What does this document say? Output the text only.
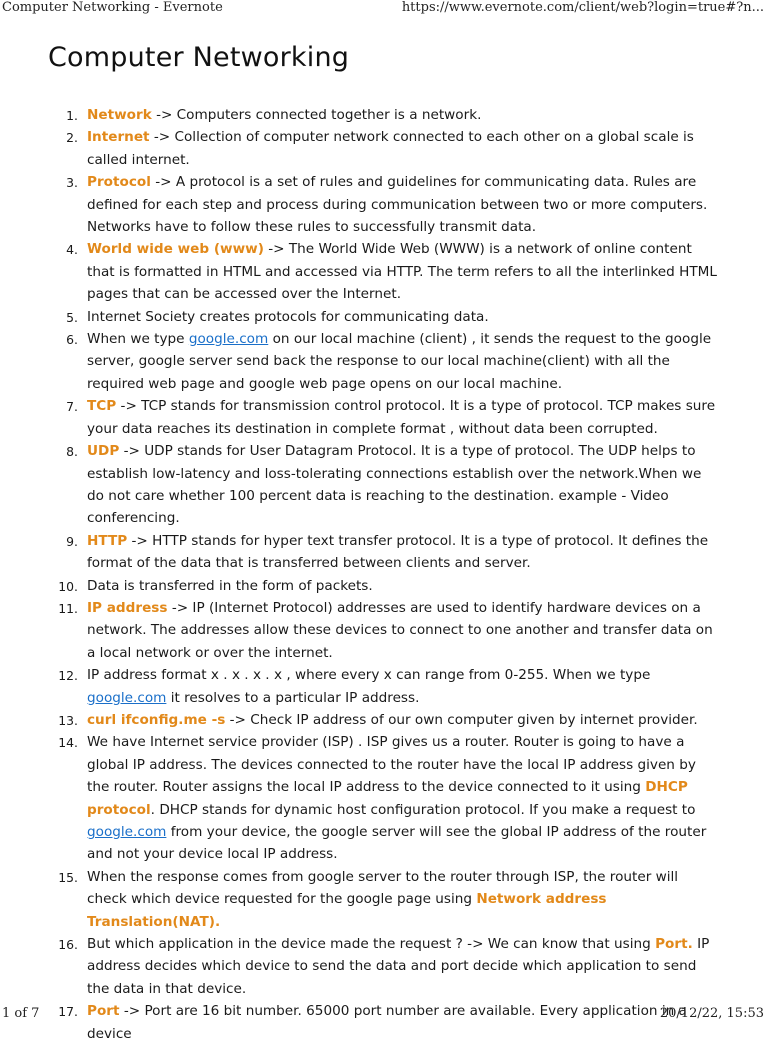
Computer Networking - Evernote	https://www.evernote.com/client/web?login=true#?n...
Computer Networking
1. Network -> Computers connected together is a network.
2. Internet -> Collection of computer network connected to each other on a global scale is called internet.
3. Protocol -> A protocol is a set of rules and guidelines for communicating data. Rules are defined for each step and process during communication between two or more computers. Networks have to follow these rules to successfully transmit data.
4. World wide web (www) -> The World Wide Web (WWW) is a network of online content that is formatted in HTML and accessed via HTTP. The term refers to all the interlinked HTML pages that can be accessed over the Internet.
5. Internet Society creates protocols for communicating data.
6. When we type google.com on our local machine (client) , it sends the request to the google server, google server send back the response to our local machine(client) with all the required web page and google web page opens on our local machine.
7. TCP -> TCP stands for transmission control protocol. It is a type of protocol. TCP makes sure your data reaches its destination in complete format , without data been corrupted.
8. UDP -> UDP stands for User Datagram Protocol. It is a type of protocol. The UDP helps to establish low-latency and loss-tolerating connections establish over the network.When we do not care whether 100 percent data is reaching to the destination. example - Video conferencing.
9. HTTP -> HTTP stands for hyper text transfer protocol. It is a type of protocol. It defines the format of the data that is transferred between clients and server.
10. Data is transferred in the form of packets.
11. IP address -> IP (Internet Protocol) addresses are used to identify hardware devices on a network. The addresses allow these devices to connect to one another and transfer data on a local network or over the internet.
12. IP address format x . x . x . x , where every x can range from 0-255. When we type google.com it resolves to a particular IP address.
13. curl ifconfig.me -s -> Check IP address of our own computer given by internet provider.
14. We have Internet service provider (ISP) . ISP gives us a router. Router is going to have a global IP address. The devices connected to the router have the local IP address given by the router. Router assigns the local IP address to the device connected to it using DHCP protocol. DHCP stands for dynamic host configuration protocol. If you make a request to google.com from your device, the google server will see the global IP address of the router and not your device local IP address.
15. When the response comes from google server to the router through ISP, the router will check which device requested for the google page using Network address Translation(NAT).
16. But which application in the device made the request ? -> We can know that using Port. IP address decides which device to send the data and port decide which application to send the data in that device.
17. Port -> Port are 16 bit number. 65000 port number are available. Every application in a device
1 of 7	20/12/22, 15:53
